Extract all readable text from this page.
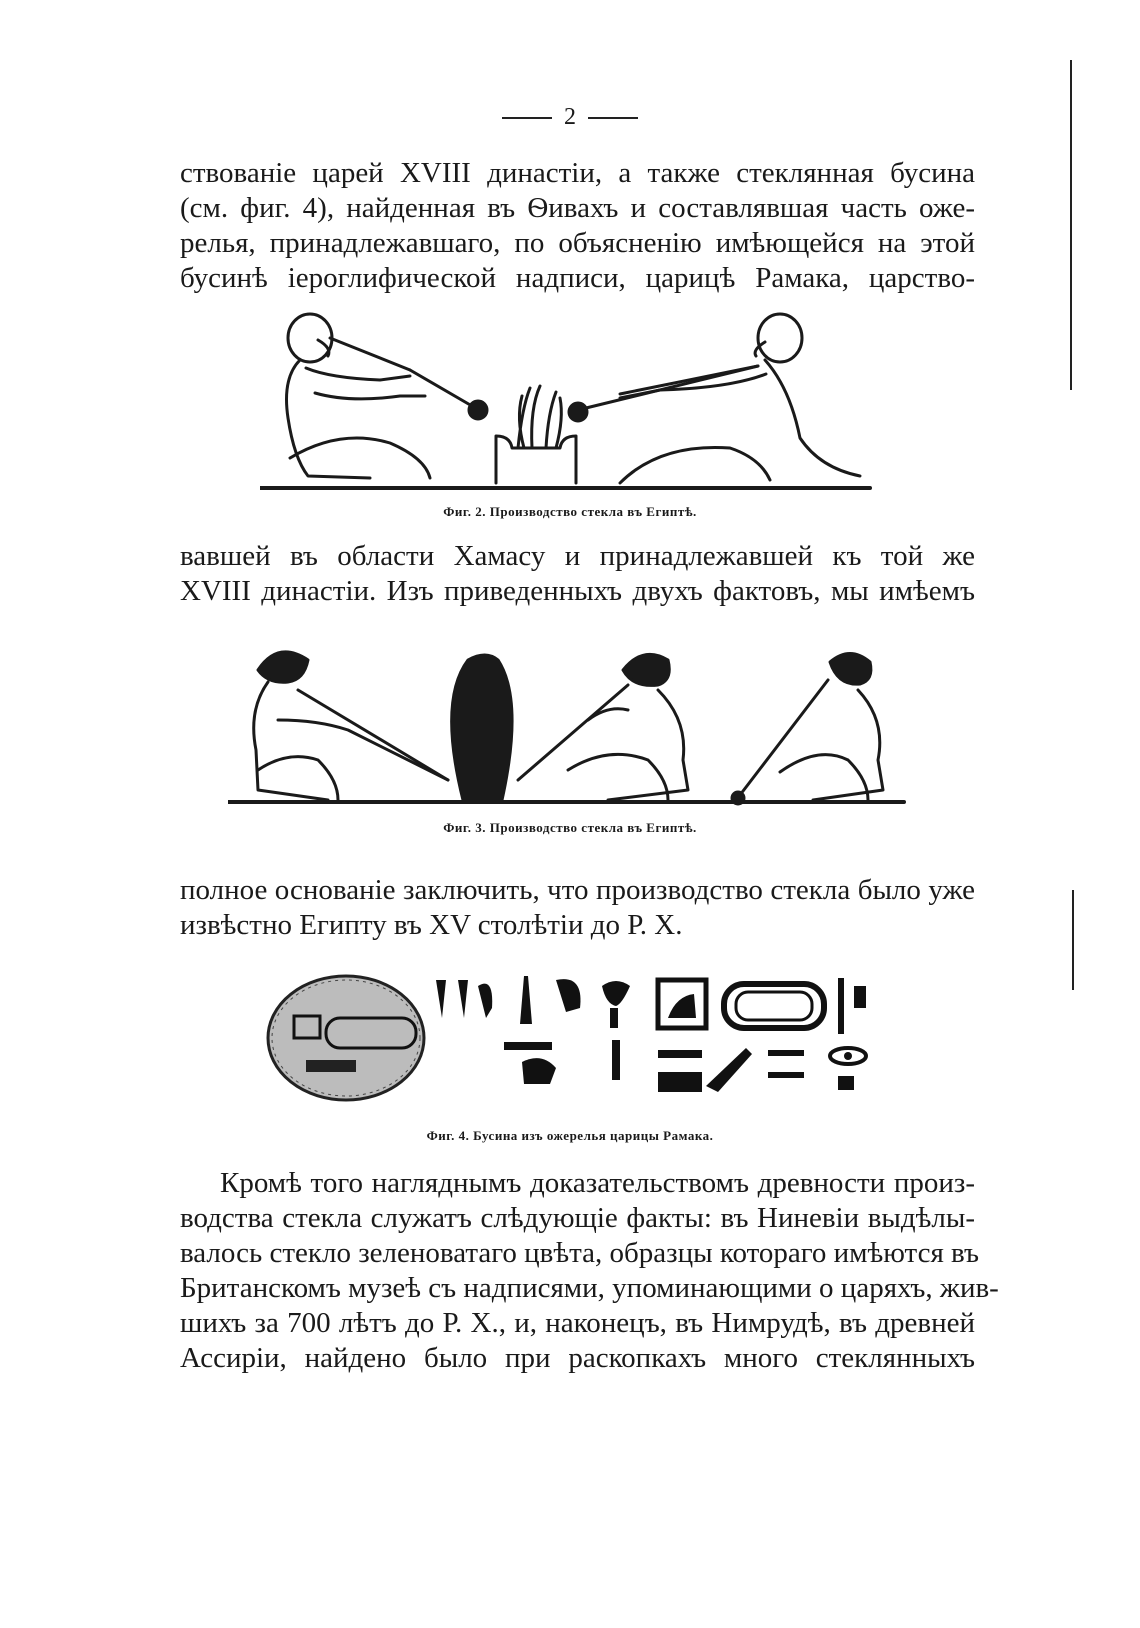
2
ствованіе царей XVIII династіи, а также стеклянная бусина
(см. фиг. 4), найденная въ Ѳивахъ и составлявшая часть оже-
релья, принадлежавшаго, по объясненію имѣющейся на этой
бусинѣ іероглифической надписи, царицѣ Рамака, царство-
Фиг. 2. Производство стекла въ Египтѣ.
вавшей въ области Хамасу и принадлежавшей къ той же
XVIII династіи. Изъ приведенныхъ двухъ фактовъ, мы имѣемъ
Фиг. 3. Производство стекла въ Египтѣ.
полное основаніе заключить, что производство стекла было уже
извѣстно Египту въ XV столѣтіи до Р. Х.
Фиг. 4. Бусина изъ ожерелья царицы Рамака.
Кромѣ того нагляднымъ доказательствомъ древности произ-
водства стекла служатъ слѣдующіе факты: въ Ниневіи выдѣлы-
валось стекло зеленоватаго цвѣта, образцы котораго имѣются въ
Британскомъ музеѣ съ надписями, упоминающими о царяхъ, жив-
шихъ за 700 лѣтъ до Р. Х., и, наконецъ, въ Нимрудѣ, въ древней
Ассиріи, найдено было при раскопкахъ много стеклянныхъ
